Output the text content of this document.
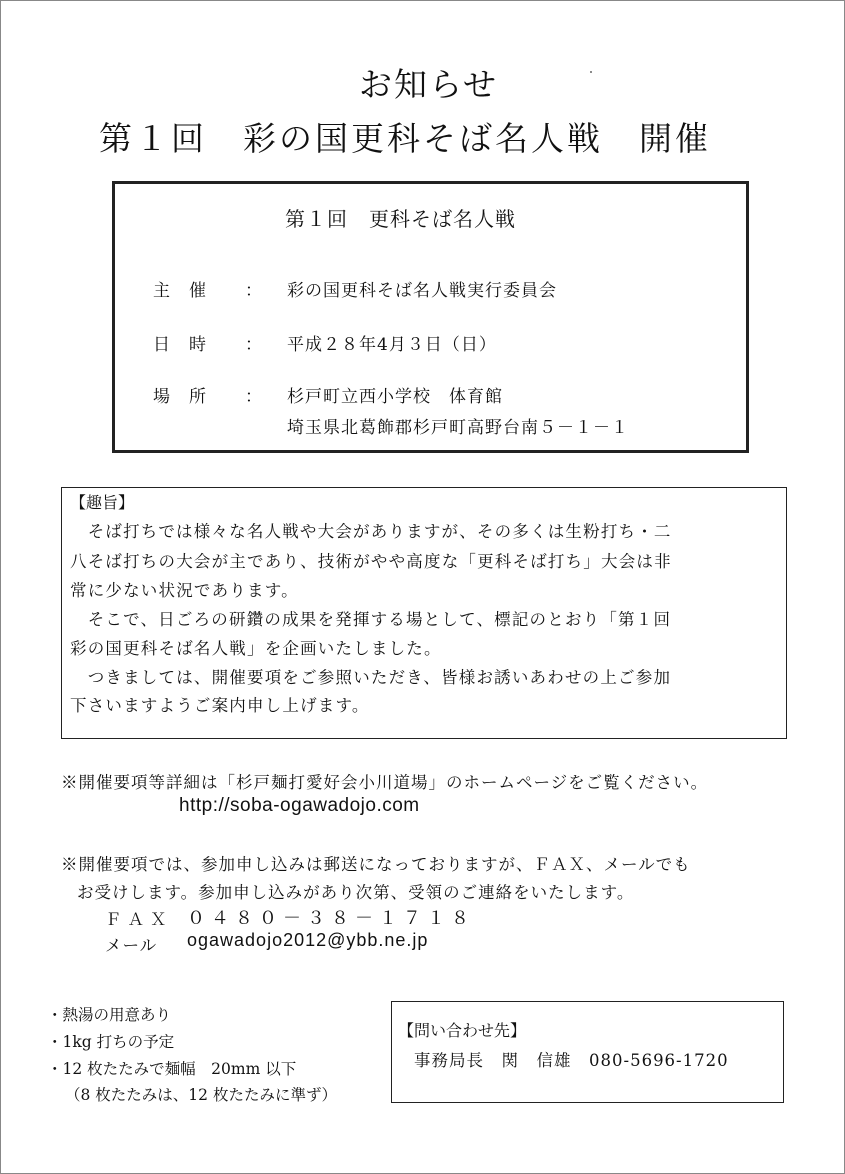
お知らせ
第１回　彩の国更科そば名人戦　開催
第１回　更科そば名人戦
主　催 ： 彩の国更科そば名人戦実行委員会
日　時 ： 平成２８年4月３日（日）
場　所 ： 杉戸町立西小学校　体育館
埼玉県北葛飾郡杉戸町高野台南５－１－１
【趣旨】
　そば打ちでは様々な名人戦や大会がありますが、その多くは生粉打ち・二
八そば打ちの大会が主であり、技術がやや高度な「更科そば打ち」大会は非
常に少ない状況であります。
　そこで、日ごろの研鑽の成果を発揮する場として、標記のとおり「第１回
彩の国更科そば名人戦」を企画いたしました。
　つきましては、開催要項をご参照いただき、皆様お誘いあわせの上ご参加
下さいますようご案内申し上げます。
※開催要項等詳細は「杉戸麺打愛好会小川道場」のホームページをご覧ください。
http://soba-ogawadojo.com
※開催要項では、参加申し込みは郵送になっておりますが、ＦＡＸ、メールでも
お受けします。参加申し込みがあり次第、受領のご連絡をいたします。
ＦＡＸ ０４８０－３８－１７１８
メール ogawadojo2012@ybb.ne.jp
・熱湯の用意あり
・1kg 打ちの予定
・12 枚たたみで麺幅　20mm 以下
（8 枚たたみは、12 枚たたみに準ず）
【問い合わせ先】
事務局長　関　信雄　080-5696-1720
